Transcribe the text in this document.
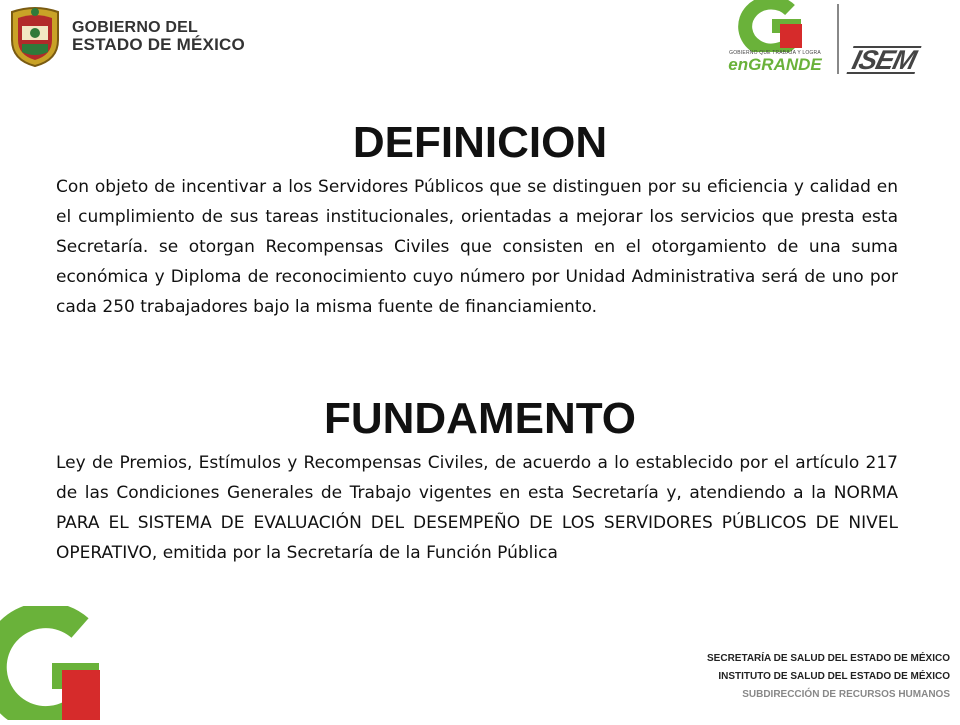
GOBIERNO DEL
ESTADO DE MÉXICO	GOBIERNO QUE TRABAJA Y LOGRA
enGRANDE	ISEM
DEFINICION
Con objeto de incentivar a los Servidores Públicos que se distinguen por su eficiencia y calidad en el cumplimiento de sus tareas institucionales, orientadas a mejorar los servicios que presta esta Secretaría. se otorgan Recompensas Civiles que consisten en el otorgamiento de una suma económica y Diploma de reconocimiento cuyo número por Unidad Administrativa será de uno por cada 250 trabajadores bajo la misma fuente de financiamiento.
FUNDAMENTO
Ley de Premios, Estímulos y Recompensas Civiles, de acuerdo a lo establecido por el artículo 217 de las Condiciones Generales de Trabajo vigentes en esta Secretaría y, atendiendo a la NORMA PARA EL SISTEMA DE EVALUACIÓN DEL DESEMPEÑO DE LOS SERVIDORES PÚBLICOS DE NIVEL OPERATIVO, emitida por la Secretaría de la Función Pública
SECRETARÍA DE SALUD DEL ESTADO DE MÉXICO
INSTITUTO DE SALUD DEL ESTADO DE MÉXICO
SUBDIRECCIÓN DE RECURSOS HUMANOS
